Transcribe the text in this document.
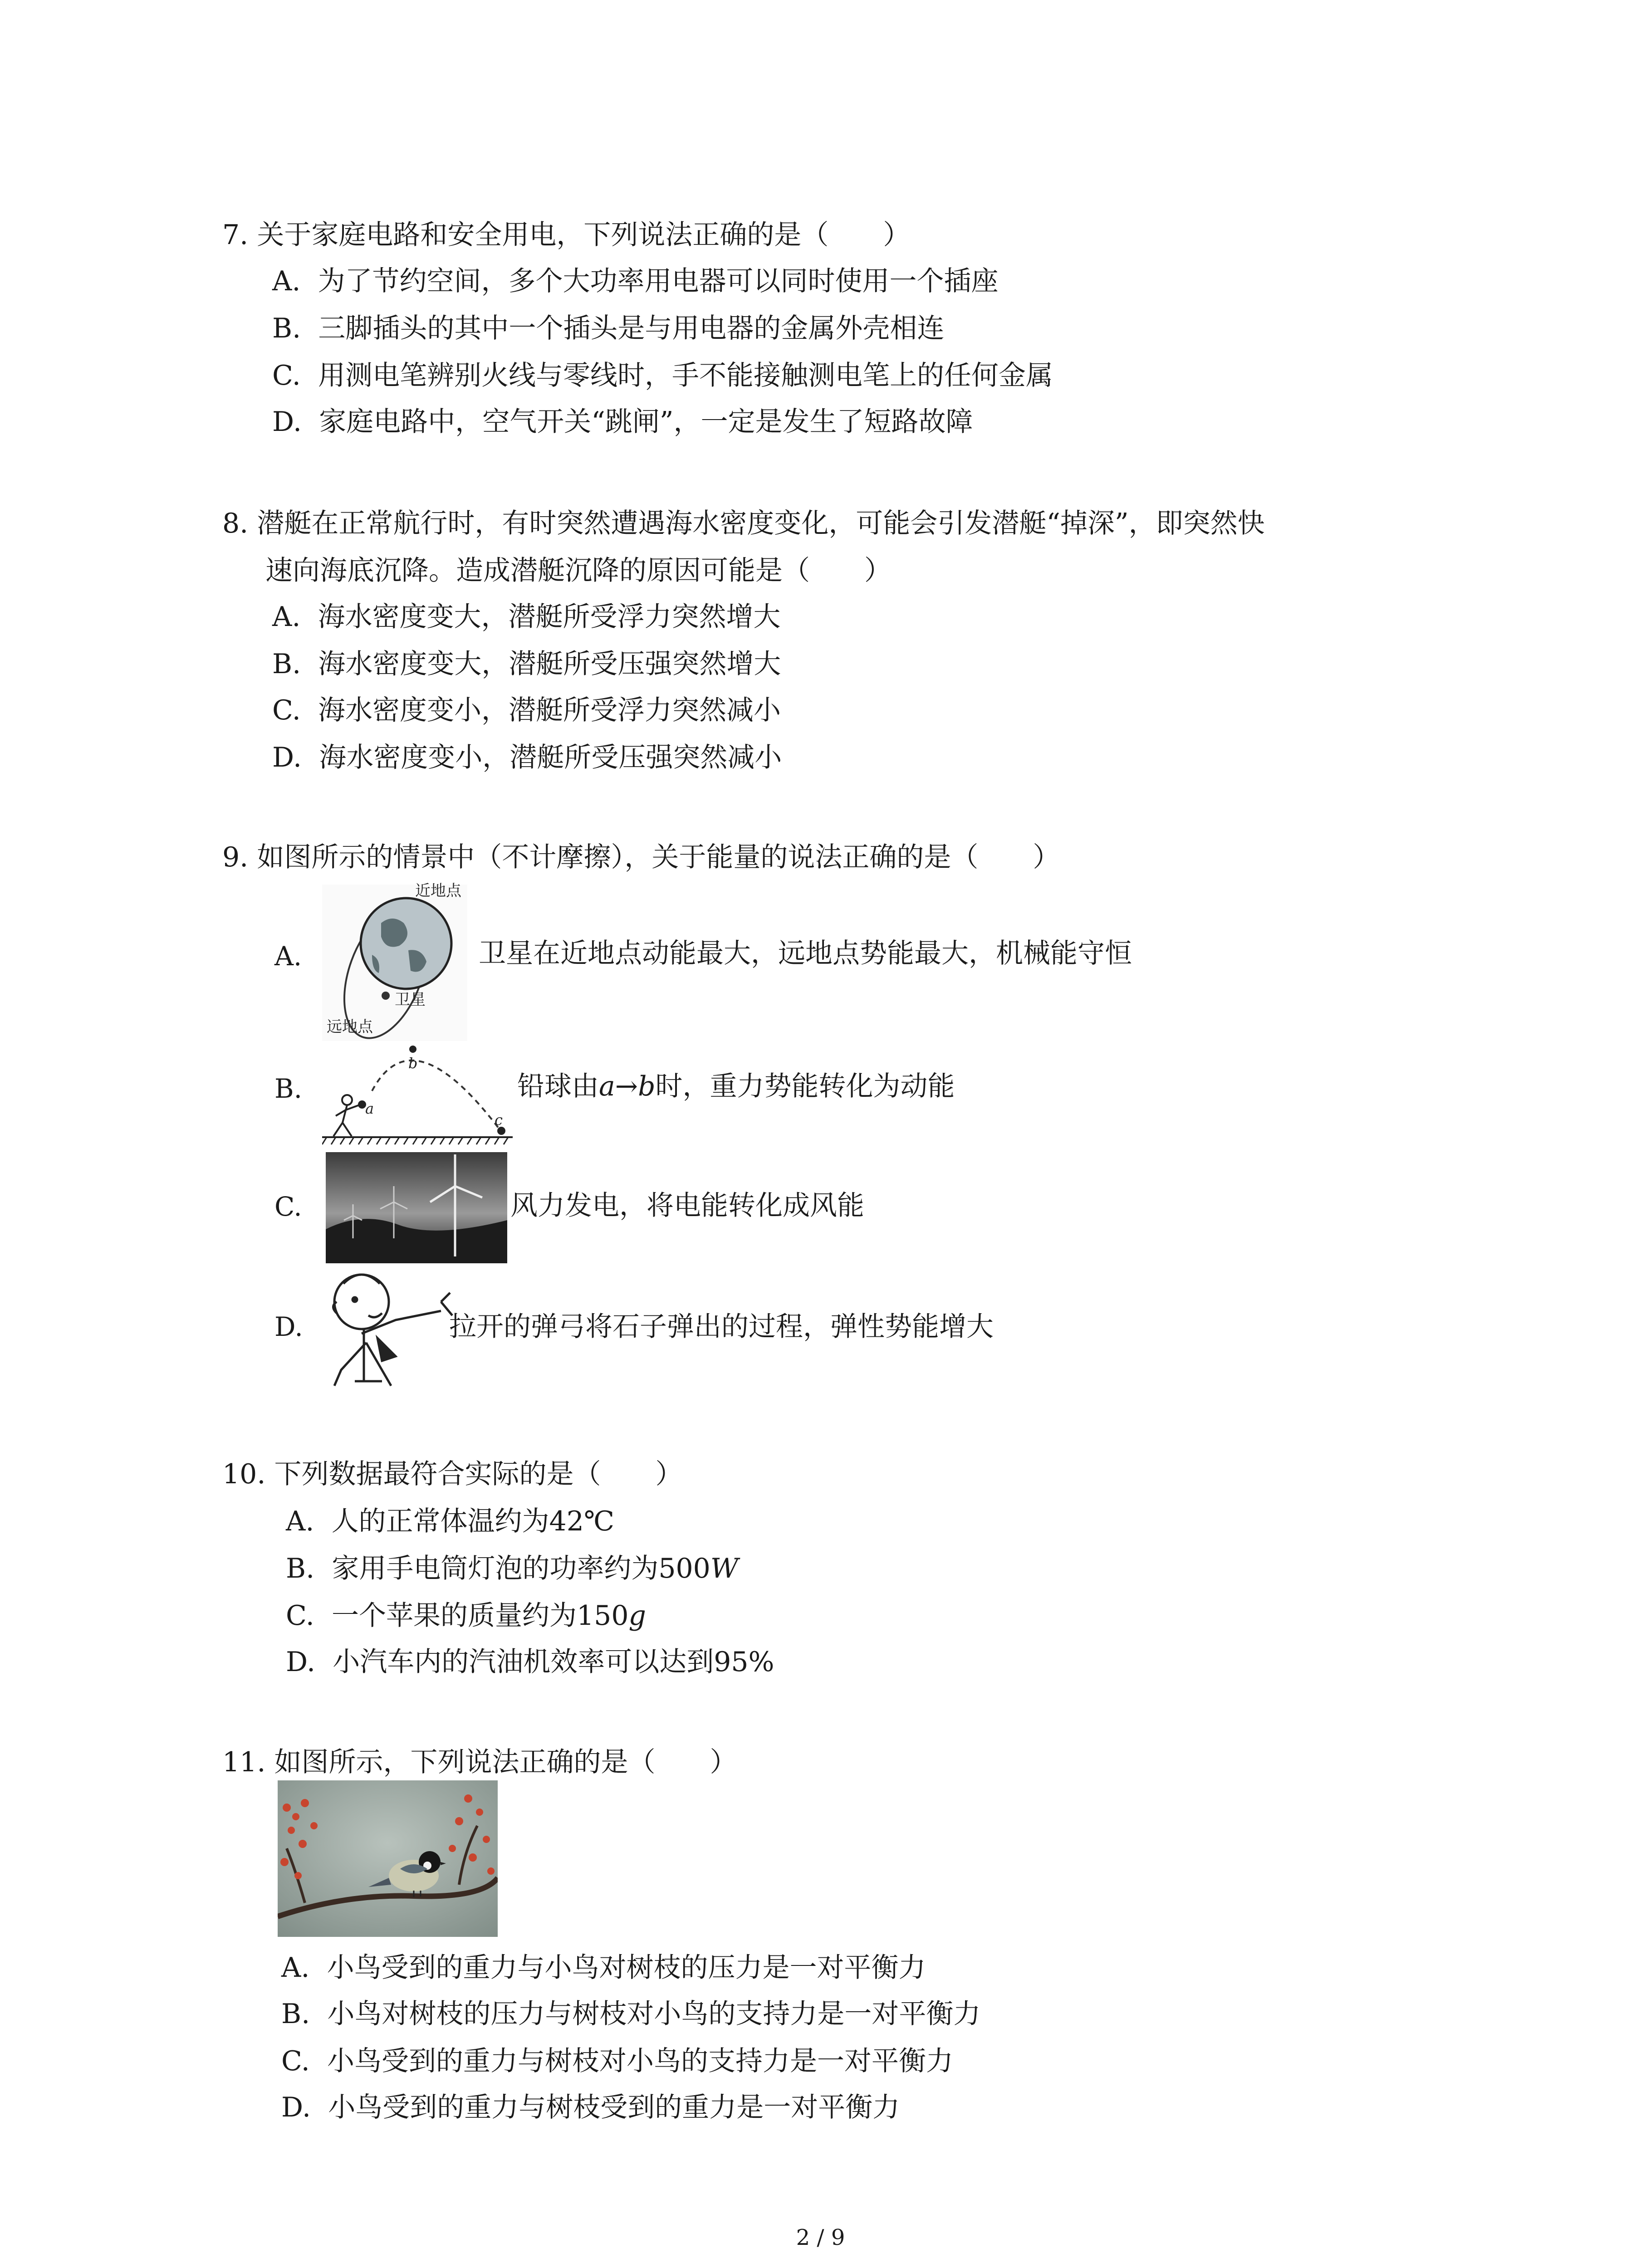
7. 关于家庭电路和安全用电，下列说法正确的是（　　）
A. 为了节约空间，多个大功率用电器可以同时使用一个插座
B. 三脚插头的其中一个插头是与用电器的金属外壳相连
C. 用测电笔辨别火线与零线时，手不能接触测电笔上的任何金属
D. 家庭电路中，空气开关“跳闸”，一定是发生了短路故障
8. 潜艇在正常航行时，有时突然遭遇海水密度变化，可能会引发潜艇“掉深”，即突然快
速向海底沉降。造成潜艇沉降的原因可能是（　　）
A. 海水密度变大，潜艇所受浮力突然增大
B. 海水密度变大，潜艇所受压强突然增大
C. 海水密度变小，潜艇所受浮力突然减小
D. 海水密度变小，潜艇所受压强突然减小
9. 如图所示的情景中（不计摩擦），关于能量的说法正确的是（　　）
A.
近地点
卫星
远地点
卫星在近地点动能最大，远地点势能最大，机械能守恒
B.
a
b
c
铅球由a→b时，重力势能转化为动能
C.	风力发电，将电能转化成风能
D.	拉开的弹弓将石子弹出的过程，弹性势能增大
10. 下列数据最符合实际的是（　　）
A. 人的正常体温约为42℃
B. 家用手电筒灯泡的功率约为500W
C. 一个苹果的质量约为150g
D. 小汽车内的汽油机效率可以达到95%
11. 如图所示，下列说法正确的是（　　）
A. 小鸟受到的重力与小鸟对树枝的压力是一对平衡力
B. 小鸟对树枝的压力与树枝对小鸟的支持力是一对平衡力
C. 小鸟受到的重力与树枝对小鸟的支持力是一对平衡力
D. 小鸟受到的重力与树枝受到的重力是一对平衡力
2 / 9
